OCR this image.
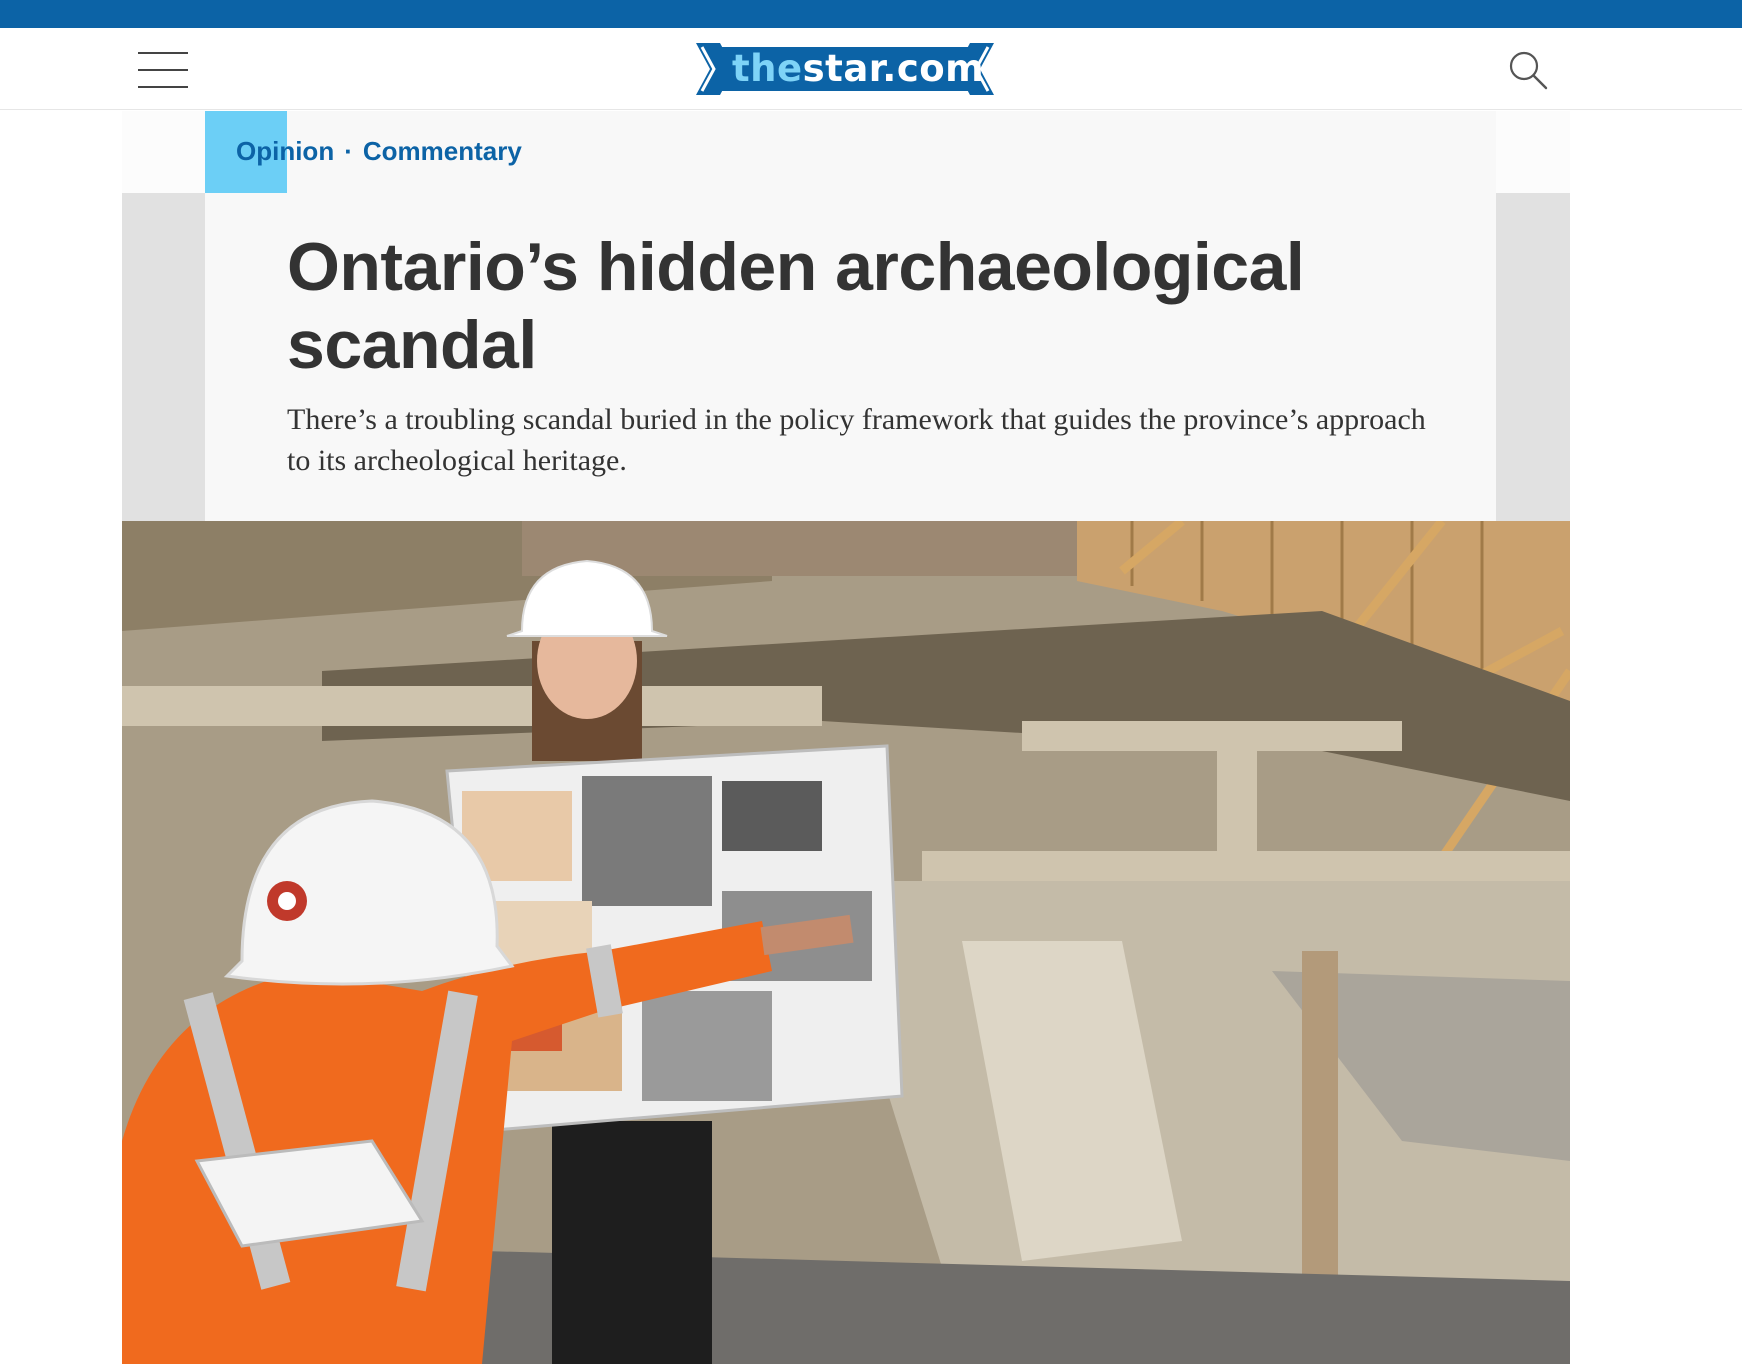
thestar.com
Opinion · Commentary
Ontario’s hidden archaeological scandal

There’s a troubling scandal buried in the policy framework that guides the province’s approach to its archeological heritage.
